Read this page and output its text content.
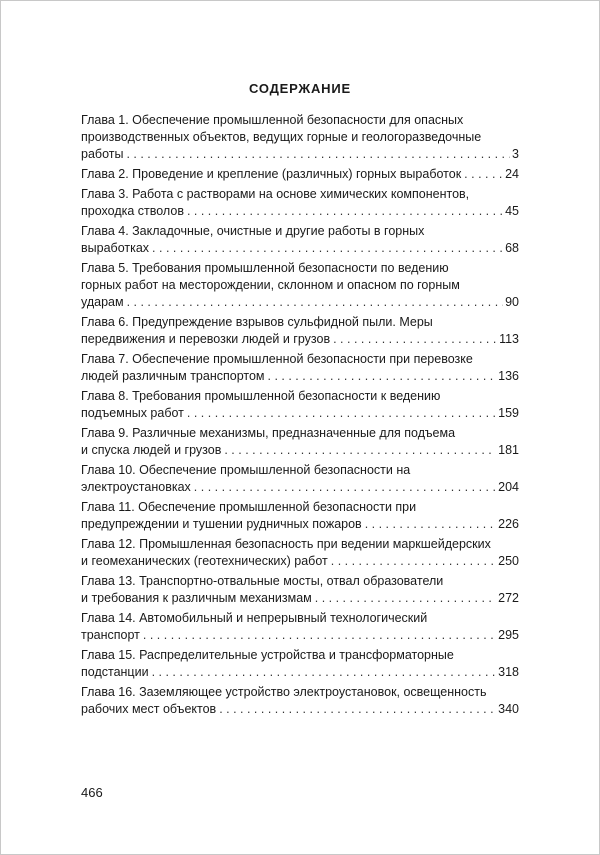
СОДЕРЖАНИЕ
Глава 1. Обеспечение промышленной безопасности для опасных
производственных объектов, ведущих горные и геологоразведочные
работы . . .	3
Глава 2. Проведение и крепление (различных) горных выработок . . .	24
Глава 3. Работа с растворами на основе химических компонентов,
проходка стволов . . .	45
Глава 4. Закладочные, очистные и другие работы в горных
выработках . . .	68
Глава 5. Требования промышленной безопасности по ведению
горных работ на месторождении, склонном и опасном по горным
ударам . . .	90
Глава 6. Предупреждение взрывов сульфидной пыли. Меры
передвижения и перевозки людей и грузов . . .	113
Глава 7. Обеспечение промышленной безопасности при перевозке
людей различным транспортом . . .	136
Глава 8. Требования промышленной безопасности к ведению
подъемных работ . . .	159
Глава 9. Различные механизмы, предназначенные для подъема
и спуска людей и грузов . . .	181
Глава 10. Обеспечение промышленной безопасности на
электроустановках . . .	204
Глава 11. Обеспечение промышленной безопасности при
предупреждении и тушении рудничных пожаров . . .	226
Глава 12. Промышленная безопасность при ведении маркшейдерских
и геомеханических (геотехнических) работ . . .	250
Глава 13. Транспортно-отвальные мосты, отвал образователи
и требования к различным механизмам . . .	272
Глава 14. Автомобильный и непрерывный технологический
транспорт . . .	295
Глава 15. Распределительные устройства и трансформаторные
подстанции . . .	318
Глава 16. Заземляющее устройство электроустановок, освещенность
рабочих мест объектов . . .	340
466
